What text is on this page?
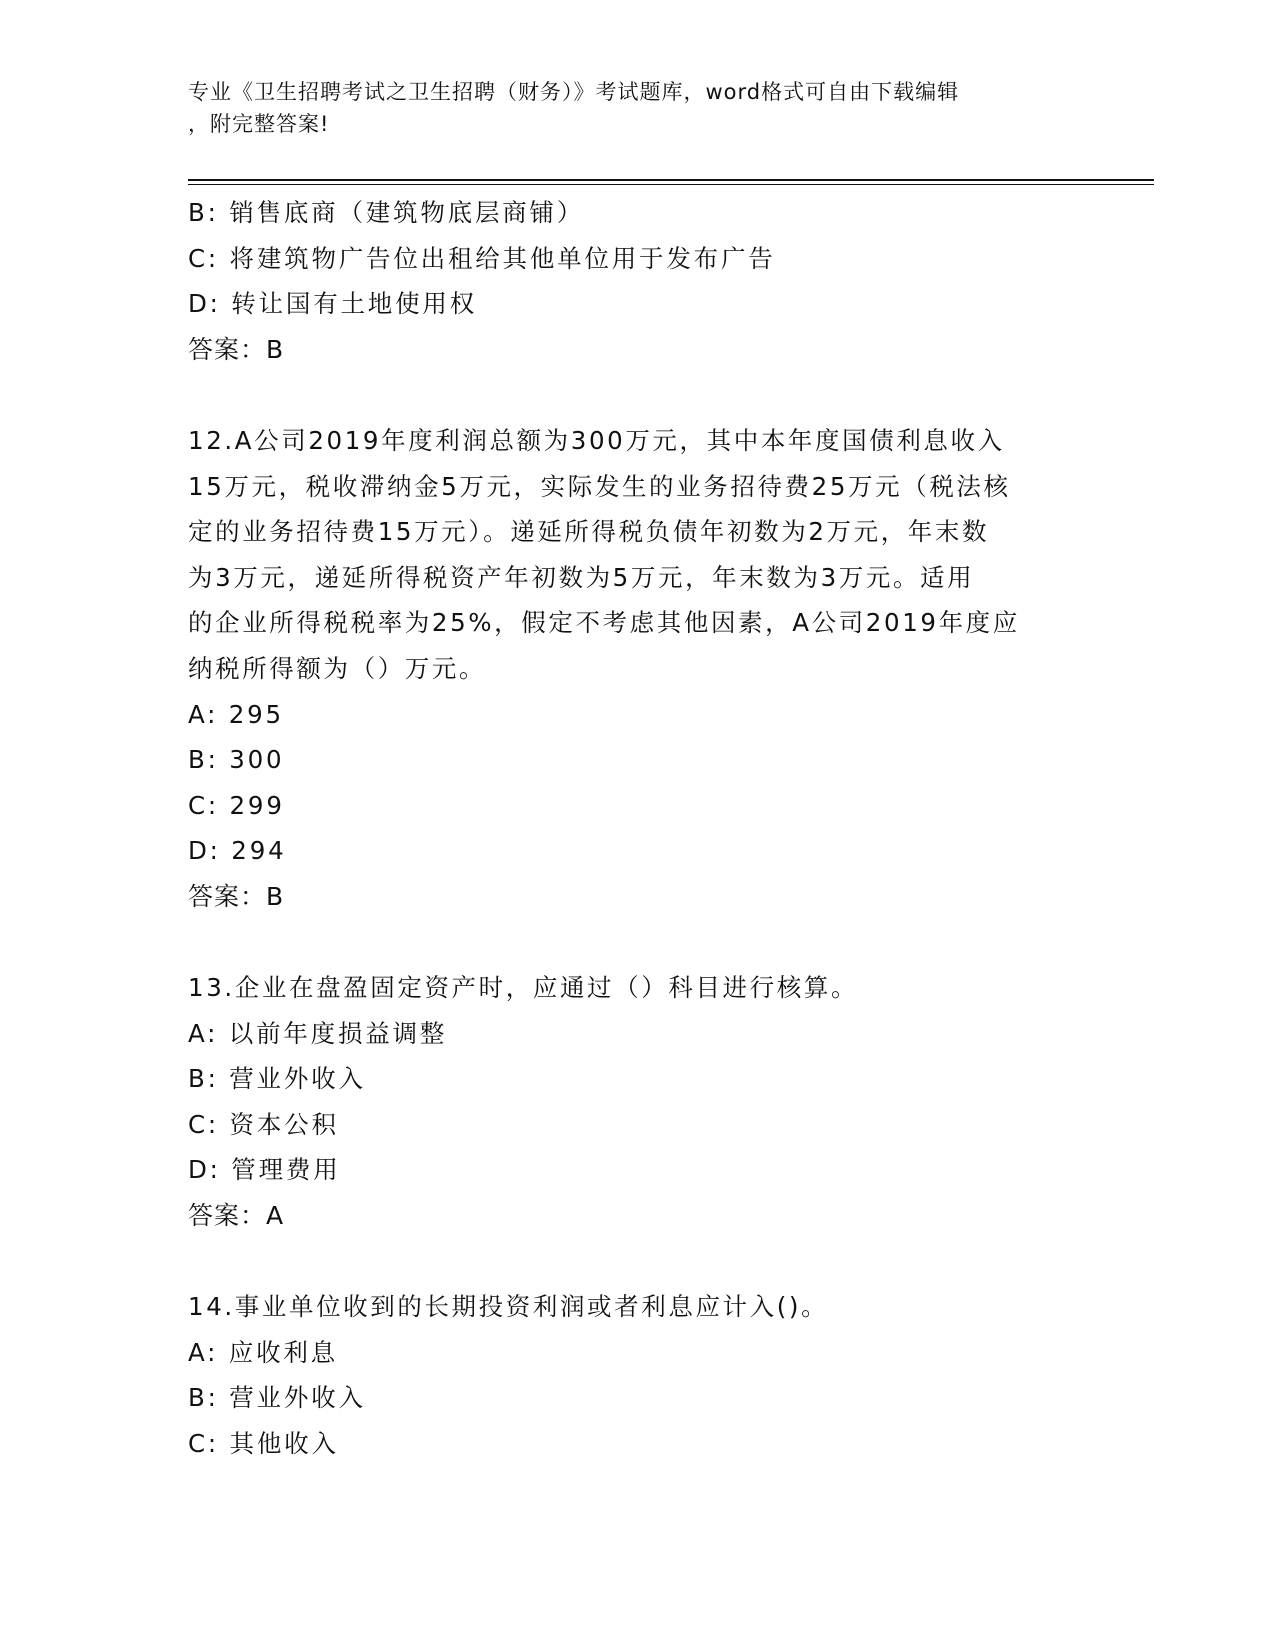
专业《卫生招聘考试之卫生招聘（财务）》考试题库，word格式可自由下载编辑
，附完整答案!
B: 销售底商（建筑物底层商铺）
C: 将建筑物广告位出租给其他单位用于发布广告
D: 转让国有土地使用权
答案：B
12.A公司2019年度利润总额为300万元，其中本年度国债利息收入
15万元，税收滞纳金5万元，实际发生的业务招待费25万元（税法核
定的业务招待费15万元）。递延所得税负债年初数为2万元，年末数
为3万元，递延所得税资产年初数为5万元，年末数为3万元。适用
的企业所得税税率为25%，假定不考虑其他因素，A公司2019年度应
纳税所得额为（）万元。
A: 295
B: 300
C: 299
D: 294
答案：B
13.企业在盘盈固定资产时，应通过（）科目进行核算。
A: 以前年度损益调整
B: 营业外收入
C: 资本公积
D: 管理费用
答案：A
14.事业单位收到的长期投资利润或者利息应计入()。
A: 应收利息
B: 营业外收入
C: 其他收入
